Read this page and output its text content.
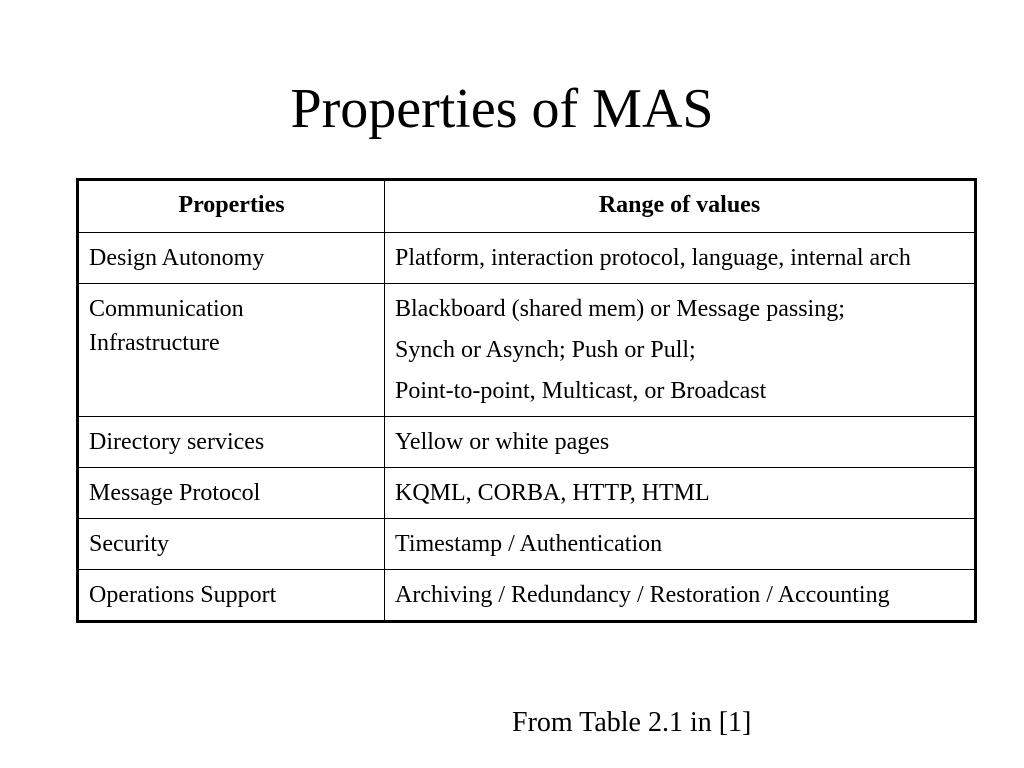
Properties of MAS
Properties	Range of values
Design Autonomy	Platform, interaction protocol, language, internal arch

Communication Infrastructure	Blackboard (shared mem) or Message passing;
Synch or Asynch; Push or Pull;
Point-to-point, Multicast, or Broadcast

Directory services	Yellow or white pages

Message Protocol	KQML, CORBA, HTTP, HTML

Security	Timestamp / Authentication

Operations Support	Archiving / Redundancy / Restoration / Accounting
From Table 2.1 in [1]
